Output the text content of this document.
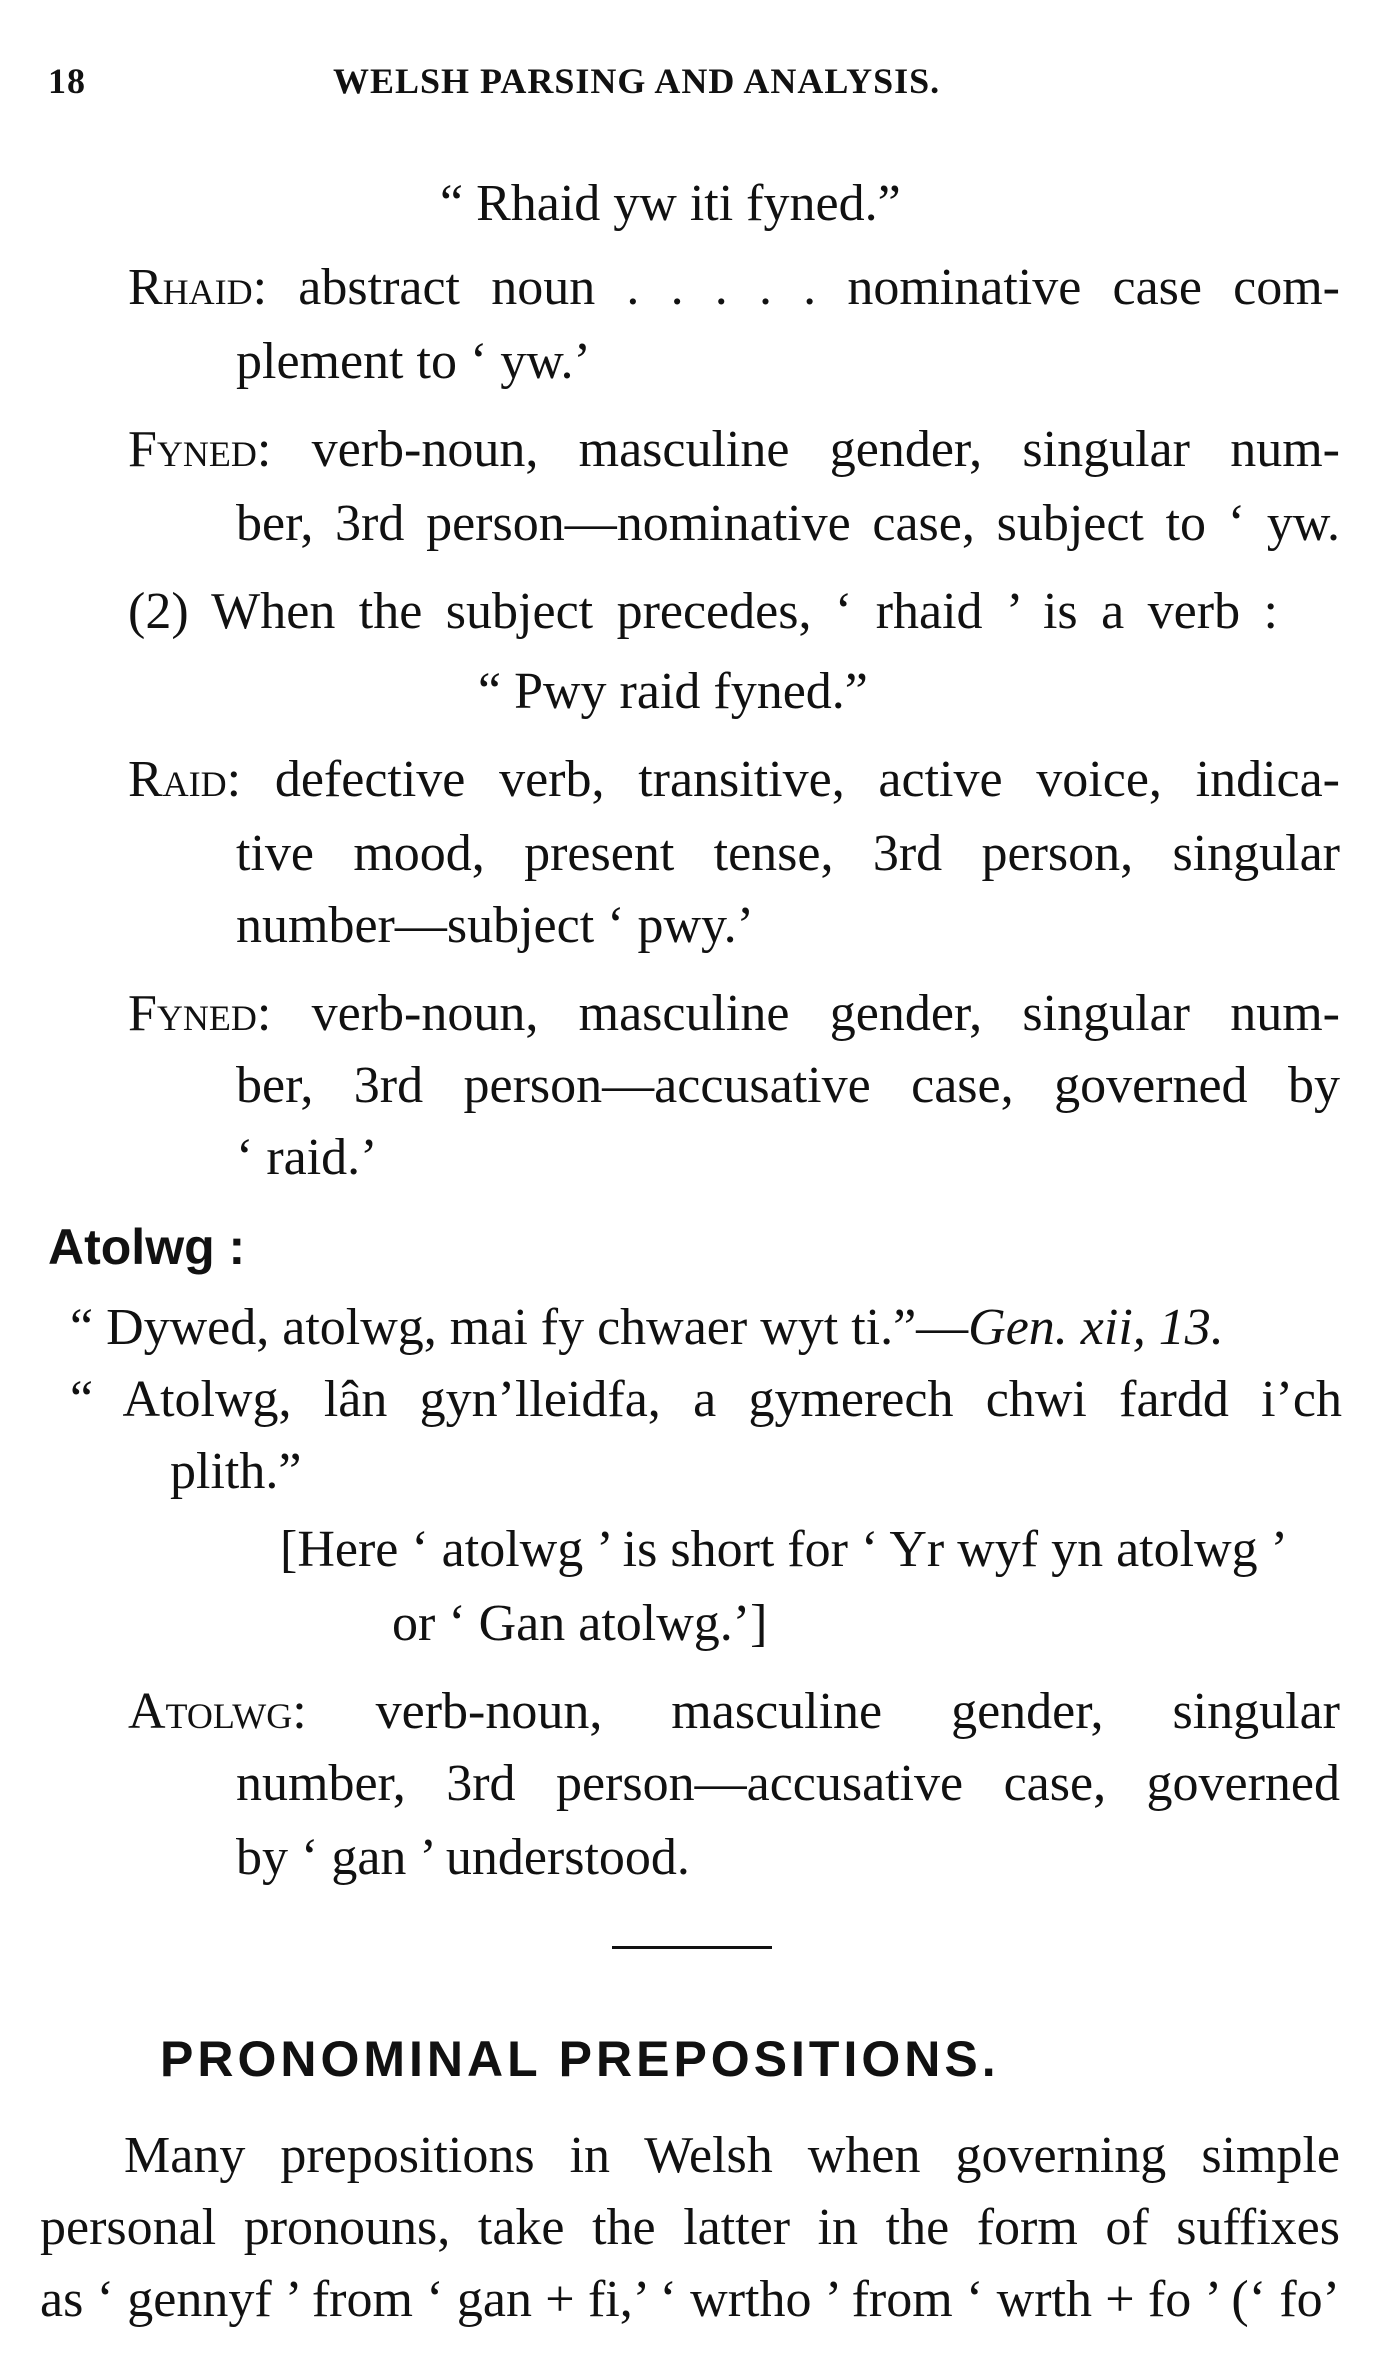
18	WELSH PARSING AND ANALYSIS.
“ Rhaid yw iti fyned.”
Rhaid: abstract noun . . . . . nominative case com-
plement to ‘ yw.’
Fyned: verb-noun, masculine gender, singular num-
ber, 3rd person—nominative case, subject to ‘ yw.
(2) When the subject precedes, ‘ rhaid ’ is a verb :
“ Pwy raid fyned.”
Raid: defective verb, transitive, active voice, indica-
tive mood, present tense, 3rd person, singular
number—subject ‘ pwy.’
Fyned: verb-noun, masculine gender, singular num-
ber, 3rd person—accusative case, governed by
‘ raid.’
Atolwg :
“ Dywed, atolwg, mai fy chwaer wyt ti.”—Gen. xii, 13.
“ Atolwg, lân gyn’lleidfa, a gymerech chwi fardd i’ch
plith.”
[Here ‘ atolwg ’ is short for ‘ Yr wyf yn atolwg ’
or ‘ Gan atolwg.’]
Atolwg: verb-noun, masculine gender, singular
number, 3rd person—accusative case, governed
by ‘ gan ’ understood.
PRONOMINAL PREPOSITIONS.
Many prepositions in Welsh when governing simple
personal pronouns, take the latter in the form of suffixes
as ‘ gennyf ’ from ‘ gan + fi,’ ‘ wrtho ’ from ‘ wrth + fo ’ (‘ fo’
